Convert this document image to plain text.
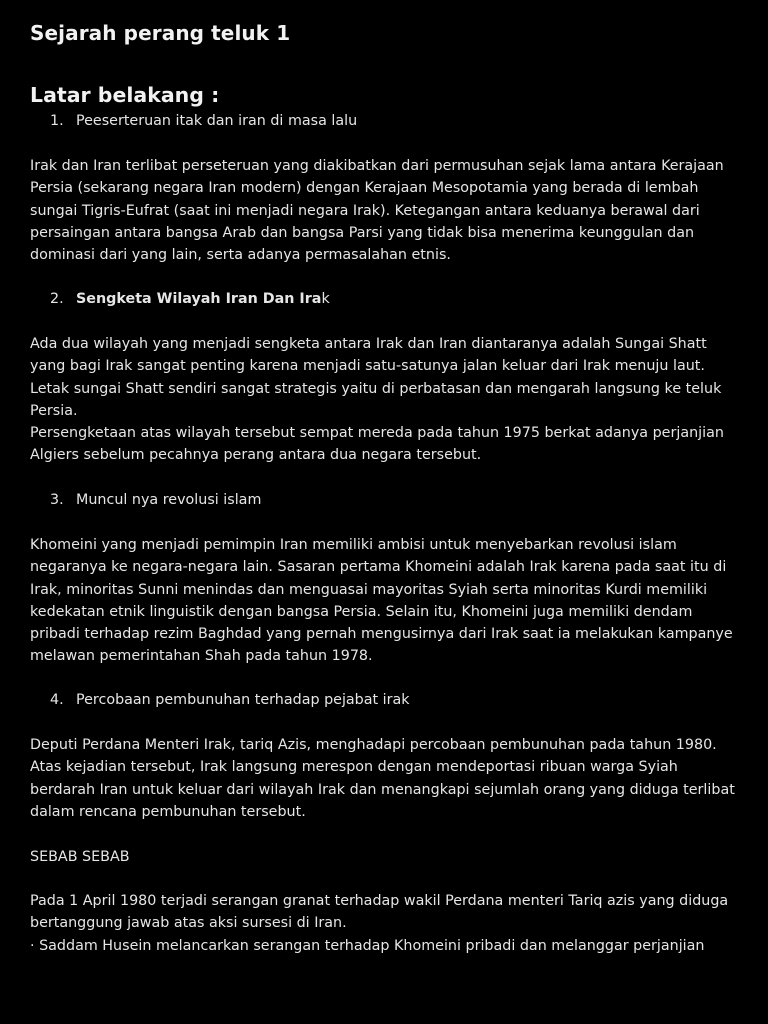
Sejarah perang teluk 1
Latar belakang :
1. Peeserteruan itak dan iran di masa lalu
Irak dan Iran terlibat perseteruan yang diakibatkan dari permusuhan sejak lama antara Kerajaan
Persia (sekarang negara Iran modern) dengan Kerajaan Mesopotamia yang berada di lembah
sungai Tigris-Eufrat (saat ini menjadi negara Irak). Ketegangan antara keduanya berawal dari
persaingan antara bangsa Arab dan bangsa Parsi yang tidak bisa menerima keunggulan dan
dominasi dari yang lain, serta adanya permasalahan etnis.
2. Sengketa Wilayah Iran Dan Irak
Ada dua wilayah yang menjadi sengketa antara Irak dan Iran diantaranya adalah Sungai Shatt
yang bagi Irak sangat penting karena menjadi satu-satunya jalan keluar dari Irak menuju laut.
Letak sungai Shatt sendiri sangat strategis yaitu di perbatasan dan mengarah langsung ke teluk
Persia.
Persengketaan atas wilayah tersebut sempat mereda pada tahun 1975 berkat adanya perjanjian
Algiers sebelum pecahnya perang antara dua negara tersebut.
3. Muncul nya revolusi islam
Khomeini yang menjadi pemimpin Iran memiliki ambisi untuk menyebarkan revolusi islam
negaranya ke negara-negara lain. Sasaran pertama Khomeini adalah Irak karena pada saat itu di
Irak, minoritas Sunni menindas dan menguasai mayoritas Syiah serta minoritas Kurdi memiliki
kedekatan etnik linguistik dengan bangsa Persia. Selain itu, Khomeini juga memiliki dendam
pribadi terhadap rezim Baghdad yang pernah mengusirnya dari Irak saat ia melakukan kampanye
melawan pemerintahan Shah pada tahun 1978.
4. Percobaan pembunuhan terhadap pejabat irak
Deputi Perdana Menteri Irak, tariq Azis, menghadapi percobaan pembunuhan pada tahun 1980.
Atas kejadian tersebut, Irak langsung merespon dengan mendeportasi ribuan warga Syiah
berdarah Iran untuk keluar dari wilayah Irak dan menangkapi sejumlah orang yang diduga terlibat
dalam rencana pembunuhan tersebut.
SEBAB SEBAB
Pada 1 April 1980 terjadi serangan granat terhadap wakil Perdana menteri Tariq azis yang diduga
bertanggung jawab atas aksi sursesi di Iran.
· Saddam Husein melancarkan serangan terhadap Khomeini pribadi dan melanggar perjanjian
